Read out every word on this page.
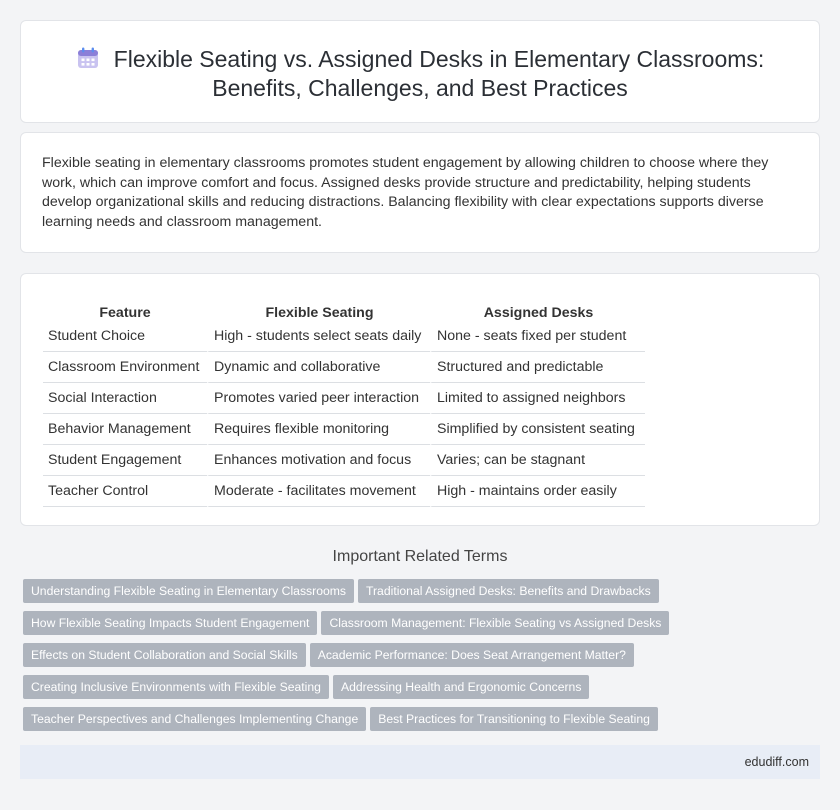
Flexible Seating vs. Assigned Desks in Elementary Classrooms:
Benefits, Challenges, and Best Practices

Flexible seating in elementary classrooms promotes student engagement by allowing children to choose where they work, which can improve comfort and focus. Assigned desks provide structure and predictability, helping students develop organizational skills and reducing distractions. Balancing flexibility with clear expectations supports diverse learning needs and classroom management.

Feature	Flexible Seating	Assigned Desks
Student Choice	High - students select seats daily	None - seats fixed per student
Classroom Environment	Dynamic and collaborative	Structured and predictable
Social Interaction	Promotes varied peer interaction	Limited to assigned neighbors
Behavior Management	Requires flexible monitoring	Simplified by consistent seating
Student Engagement	Enhances motivation and focus	Varies; can be stagnant
Teacher Control	Moderate - facilitates movement	High - maintains order easily
Important Related Terms
Understanding Flexible Seating in Elementary Classrooms Traditional Assigned Desks: Benefits and Drawbacks
How Flexible Seating Impacts Student Engagement Classroom Management: Flexible Seating vs Assigned Desks
Effects on Student Collaboration and Social Skills Academic Performance: Does Seat Arrangement Matter?
Creating Inclusive Environments with Flexible Seating Addressing Health and Ergonomic Concerns
Teacher Perspectives and Challenges Implementing Change Best Practices for Transitioning to Flexible Seating
edudiff.com
